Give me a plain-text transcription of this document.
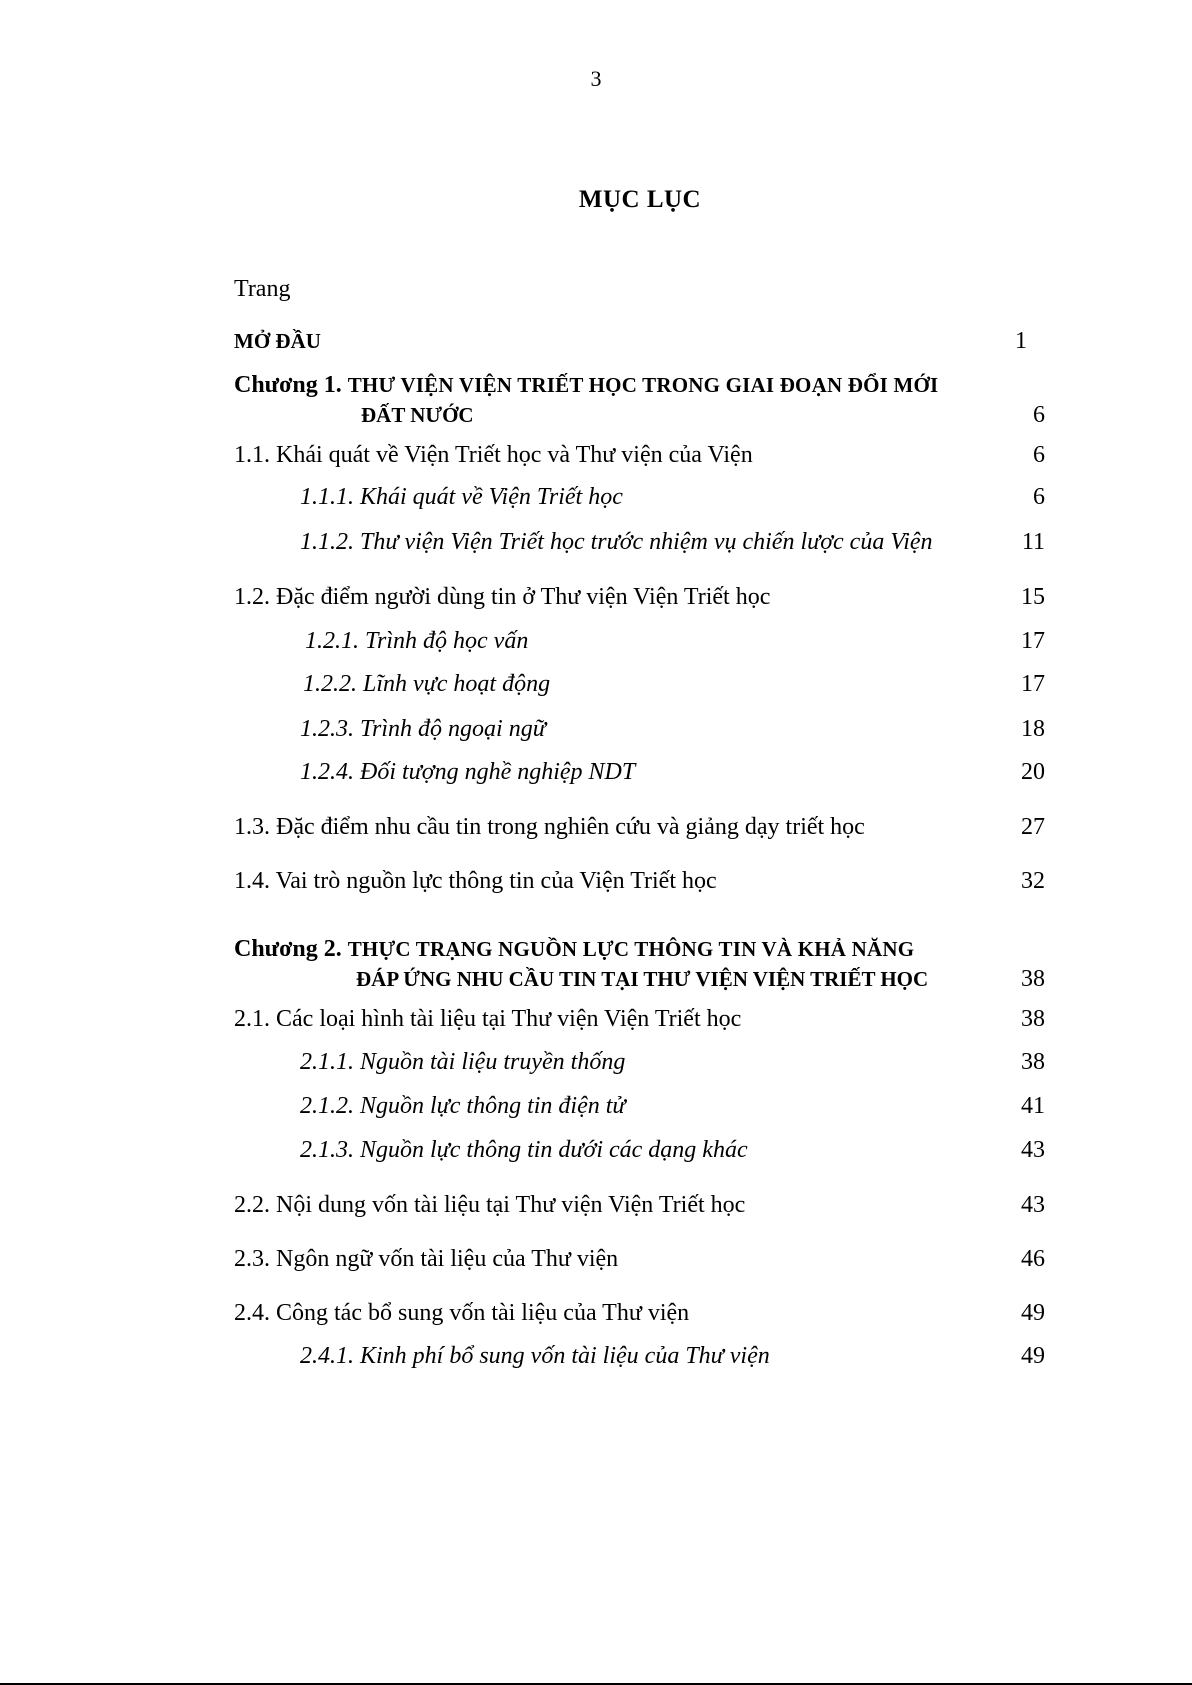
3
MỤC LỤC
Trang
MỞ ĐẦU	1
Chương 1. THƯ VIỆN VIỆN TRIẾT HỌC TRONG GIAI ĐOẠN ĐỔI MỚI
ĐẤT NƯỚC	6
1.1. Khái quát về Viện Triết học và Thư viện của Viện	6
1.1.1. Khái quát về Viện Triết học	6
1.1.2. Thư viện Viện Triết học trước nhiệm vụ chiến lược của Viện	11
1.2. Đặc điểm người dùng tin ở Thư viện Viện Triết học	15
1.2.1. Trình độ học vấn	17
1.2.2. Lĩnh vực hoạt động	17
1.2.3. Trình độ ngoại ngữ	18
1.2.4. Đối tượng nghề nghiệp NDT	20
1.3. Đặc điểm nhu cầu tin trong nghiên cứu và giảng dạy triết học	27
1.4. Vai trò nguồn lực thông tin của Viện Triết học	32
Chương 2. THỰC TRẠNG NGUỒN LỰC THÔNG TIN VÀ KHẢ NĂNG
ĐÁP ỨNG NHU CẦU TIN TẠI THƯ VIỆN VIỆN TRIẾT HỌC	38
2.1. Các loại hình tài liệu tại Thư viện Viện Triết học	38
2.1.1. Nguồn tài liệu truyền thống	38
2.1.2. Nguồn lực thông tin điện tử	41
2.1.3. Nguồn lực thông tin dưới các dạng khác	43
2.2. Nội dung vốn tài liệu tại Thư viện Viện Triết học	43
2.3. Ngôn ngữ vốn tài liệu của Thư viện	46
2.4. Công tác bổ sung vốn tài liệu của Thư viện	49
2.4.1. Kinh phí bổ sung vốn tài liệu của Thư viện	49
